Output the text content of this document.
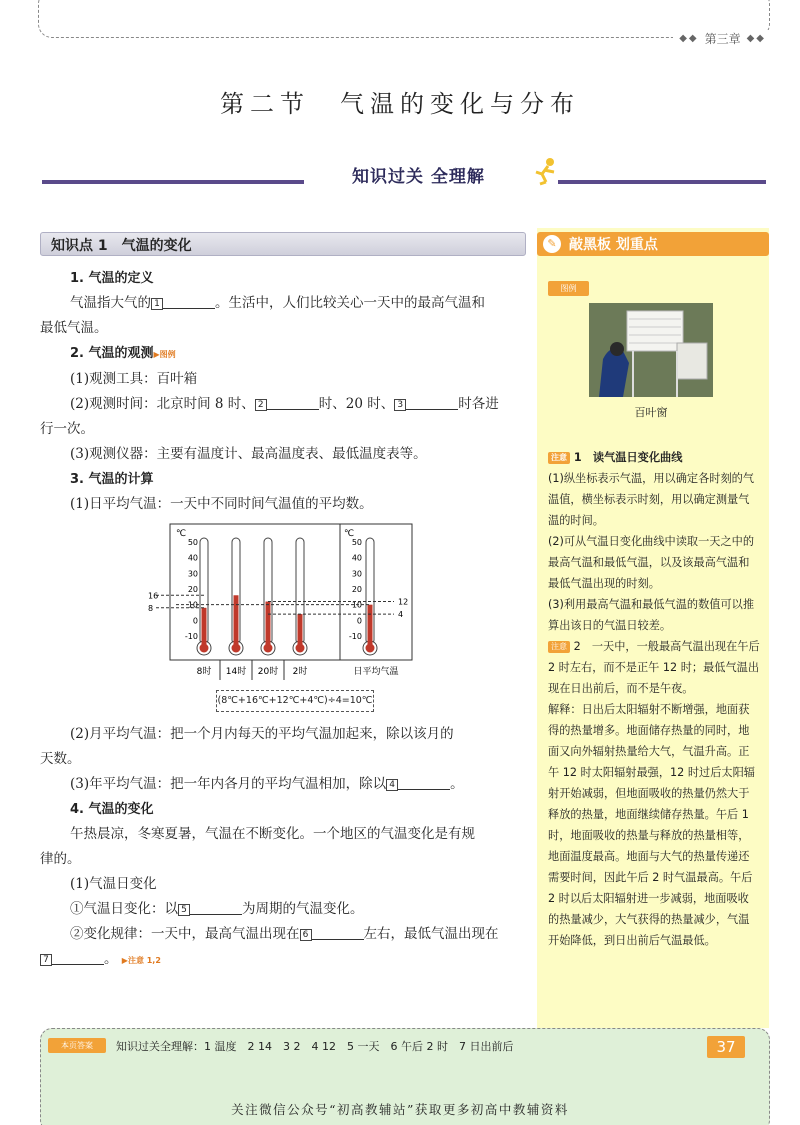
◆◆ 第三章 ◆◆
第二节　气温的变化与分布
知识过关 全理解
知识点 1　气温的变化

1. 气温的定义

气温指大气的 1	。生活中，人们比较关心一天中的最高气温和

最低气温。

2. 气温的观测▶图例

(1)观测工具：百叶箱

(2)观测时间：北京时间 8 时、 2	时、20 时、 3	时各进

行一次。

(3)观测仪器：主要有温度计、最高温度表、最低温度表等。

3. 气温的计算

(1)日平均气温：一天中不同时间气温值的平均数。

℃	℃
50	50
40	40
30	30
20	20
10	10
0	0
-10	-10
16
8
12
4
8时 14时 20时 2时	日平均气温
(8℃+16℃+12℃+4℃)÷4=10℃

(2)月平均气温：把一个月内每天的平均气温加起来，除以该月的

天数。

(3)年平均气温：把一年内各月的平均气温相加，除以 4	。

4. 气温的变化

午热晨凉，冬寒夏暑，气温在不断变化。一个地区的气温变化是有规

律的。

(1)气温日变化

①气温日变化：以 5	为周期的气温变化。

②变化规律：一天中，最高气温出现在 6	左右，最低气温出现在

7	。 ▶注意 1,2

✎ 敲黑板 划重点
图例
百叶窗

注意 1　读气温日变化曲线

(1)纵坐标表示气温，用以确定各时刻的气温值，横坐标表示时刻，用以确定测量气温的时间。

(2)可从气温日变化曲线中读取一天之中的最高气温和最低气温，以及该最高气温和最低气温出现的时刻。

(3)利用最高气温和最低气温的数值可以推算出该日的气温日较差。

注意 2　一天中，一般最高气温出现在午后 2 时左右，而不是正午 12 时；最低气温出现在日出前后，而不是午夜。

解释：日出后太阳辐射不断增强，地面获得的热量增多。地面储存热量的同时，地面又向外辐射热量给大气，气温升高。正午 12 时太阳辐射最强，12 时过后太阳辐射开始减弱，但地面吸收的热量仍然大于释放的热量，地面继续储存热量。午后 1 时，地面吸收的热量与释放的热量相等，地面温度最高。地面与大气的热量传递还需要时间，因此午后 2 时气温最高。午后 2 时以后太阳辐射进一步减弱，地面吸收的热量减少，大气获得的热量减少，气温开始降低，到日出前后气温最低。

本页答案	知识过关全理解：1 温度　2 14　3 2　4 12　5 一天　6 午后 2 时　7 日出前后	37
关注微信公众号“初高教辅站”获取更多初高中教辅资料
